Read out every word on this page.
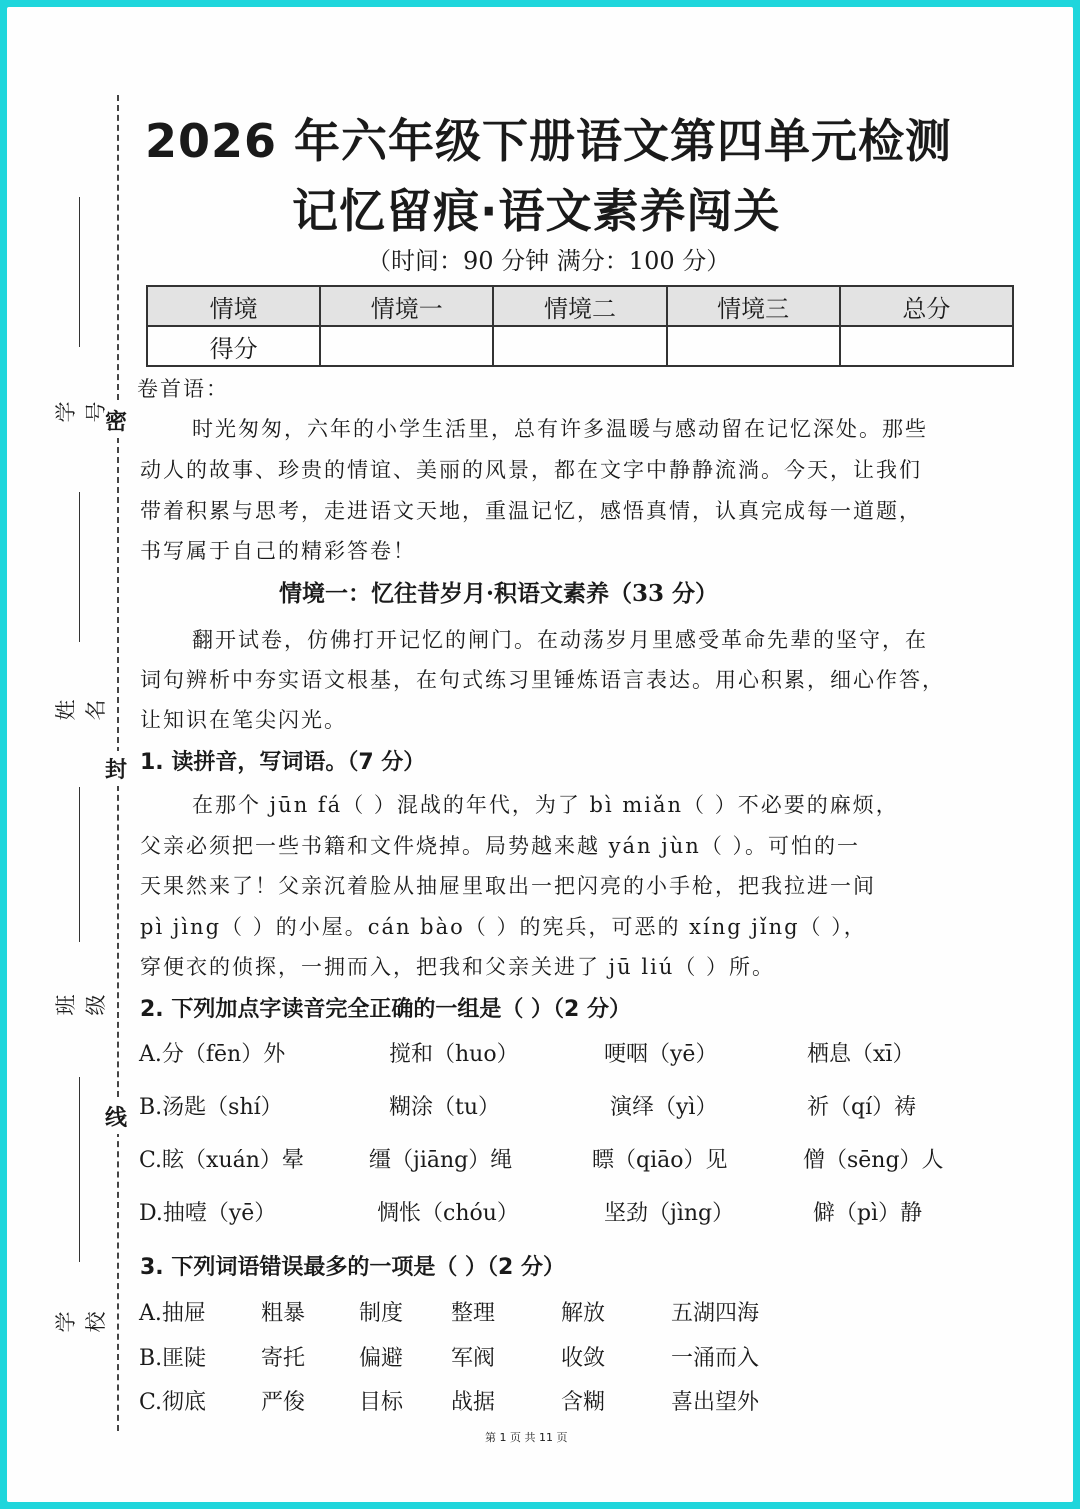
密
封
线
学号
姓名
班级
学校
2026 年六年级下册语文第四单元检测
记忆留痕·语文素养闯关
（时间：90 分钟 满分：100 分）
情境	情境一	情境二	情境三	总分
得分				
卷首语：
时光匆匆，六年的小学生活里，总有许多温暖与感动留在记忆深处。那些
动人的故事、珍贵的情谊、美丽的风景，都在文字中静静流淌。今天，让我们
带着积累与思考，走进语文天地，重温记忆，感悟真情，认真完成每一道题，
书写属于自己的精彩答卷！
情境一：忆往昔岁月·积语文素养（33 分）
翻开试卷，仿佛打开记忆的闸门。在动荡岁月里感受革命先辈的坚守，在
词句辨析中夯实语文根基，在句式练习里锤炼语言表达。用心积累，细心作答，
让知识在笔尖闪光。
1. 读拼音，写词语。（7 分）
在那个 jūn fá（ ）混战的年代，为了 bì miǎn（ ）不必要的麻烦，
父亲必须把一些书籍和文件烧掉。局势越来越 yán jùn（ ）。可怕的一
天果然来了！父亲沉着脸从抽屉里取出一把闪亮的小手枪，把我拉进一间
pì jìng（ ）的小屋。cán bào（ ）的宪兵，可恶的 xíng jǐng（ ），
穿便衣的侦探，一拥而入，把我和父亲关进了 jū liú（ ）所。
2. 下列加点字读音完全正确的一组是（ ）（2 分）
A.分（fēn）外	搅和（huo）	哽咽（yē）	栖息（xī）
B.汤匙（shí）	糊涂（tu）	演绎（yì）	祈（qí）祷
C.眩（xuán）晕	缰（jiāng）绳	瞟（qiāo）见	僧（sēng）人
D.抽噎（yē）	惆怅（chóu）	坚劲（jìng）	僻（pì）静
3. 下列词语错误最多的一项是（ ）（2 分）
A.抽屉	粗暴 制度 整理	解放	五湖四海
B.匪陡 寄托 偏避 军阀	收敛	一涌而入
C.彻底 严俊 目标 战据	含糊	喜出望外
第 1 页 共 11 页
